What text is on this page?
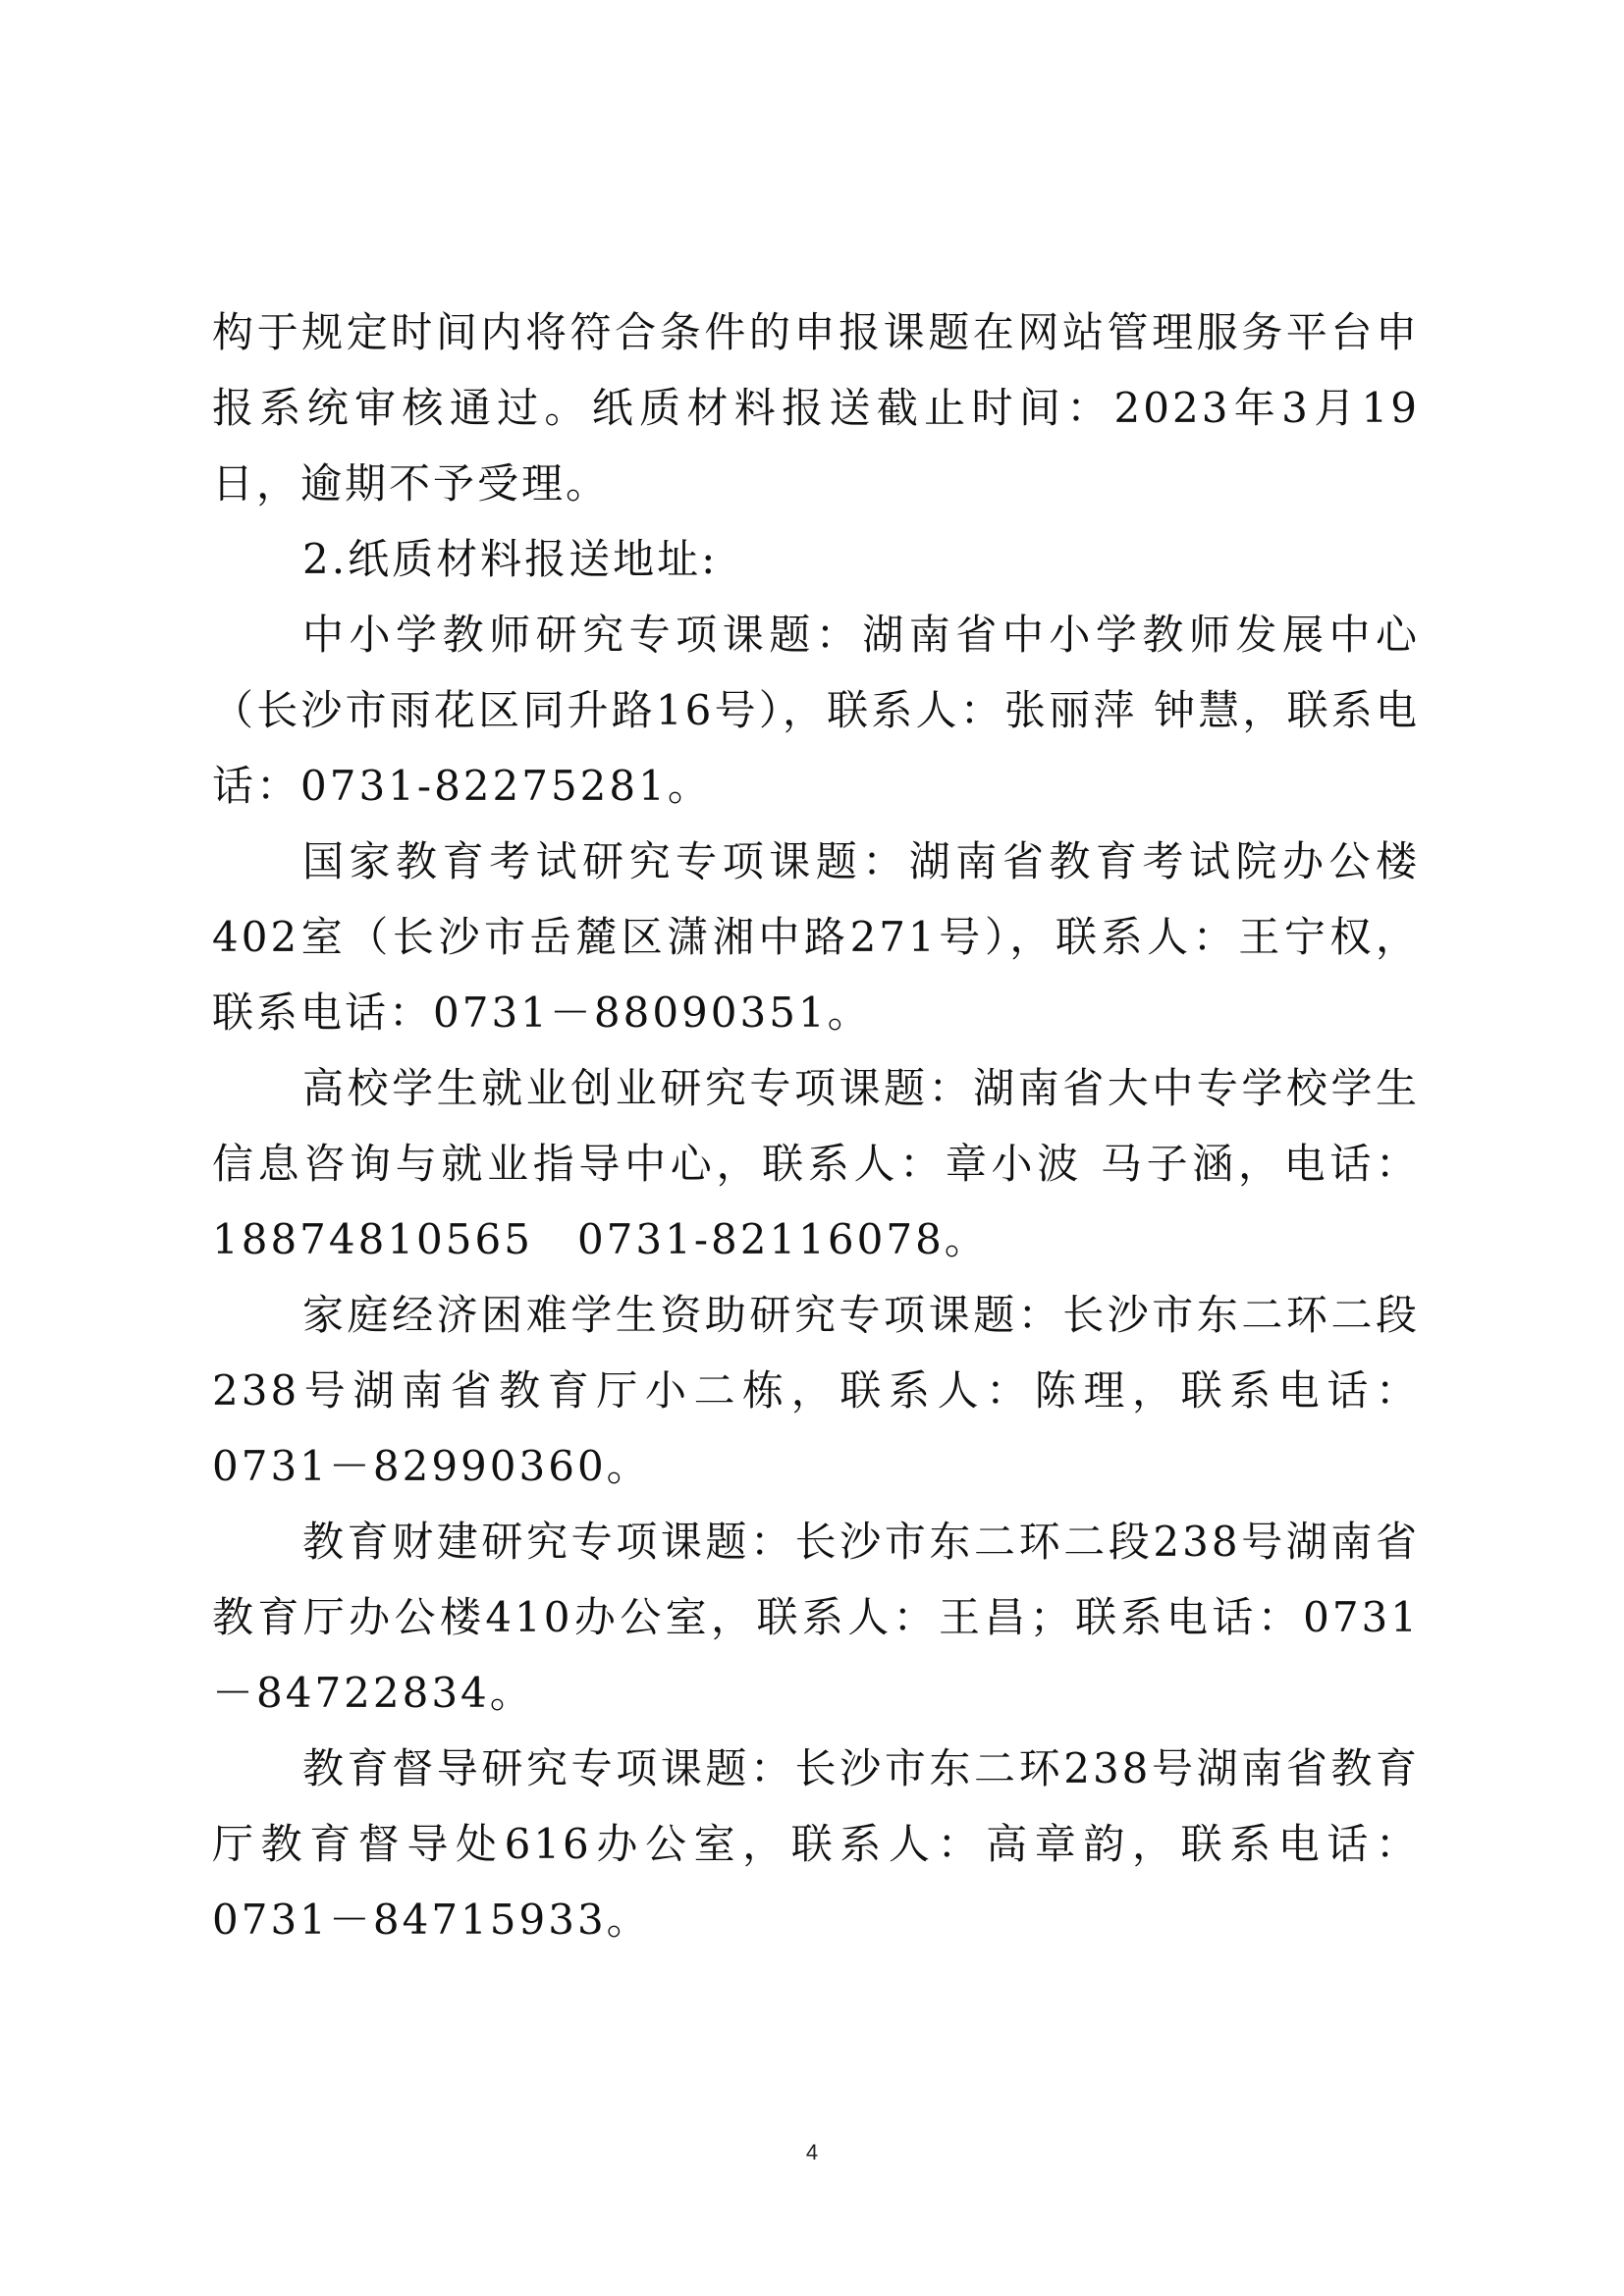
构于规定时间内将符合条件的申报课题在网站管理服务平台申报系统审核通过。纸质材料报送截止时间：2023年3月19日，逾期不予受理。

2.纸质材料报送地址:

中小学教师研究专项课题：湖南省中小学教师发展中心（长沙市雨花区同升路16号），联系人：张丽萍 钟慧，联系电话：0731-82275281。

国家教育考试研究专项课题：湖南省教育考试院办公楼402室（长沙市岳麓区潇湘中路271号），联系人：王宁权，联系电话：0731－88090351。

高校学生就业创业研究专项课题：湖南省大中专学校学生信息咨询与就业指导中心，联系人：章小波 马子涵，电话：18874810565　0731-82116078。

家庭经济困难学生资助研究专项课题：长沙市东二环二段238号湖南省教育厅小二栋，联系人：陈理，联系电话：0731－82990360。

教育财建研究专项课题：长沙市东二环二段238号湖南省教育厅办公楼410办公室，联系人：王昌；联系电话：0731－84722834。

教育督导研究专项课题：长沙市东二环238号湖南省教育厅教育督导处616办公室，联系人：高章韵，联系电话：0731－84715933。

4
